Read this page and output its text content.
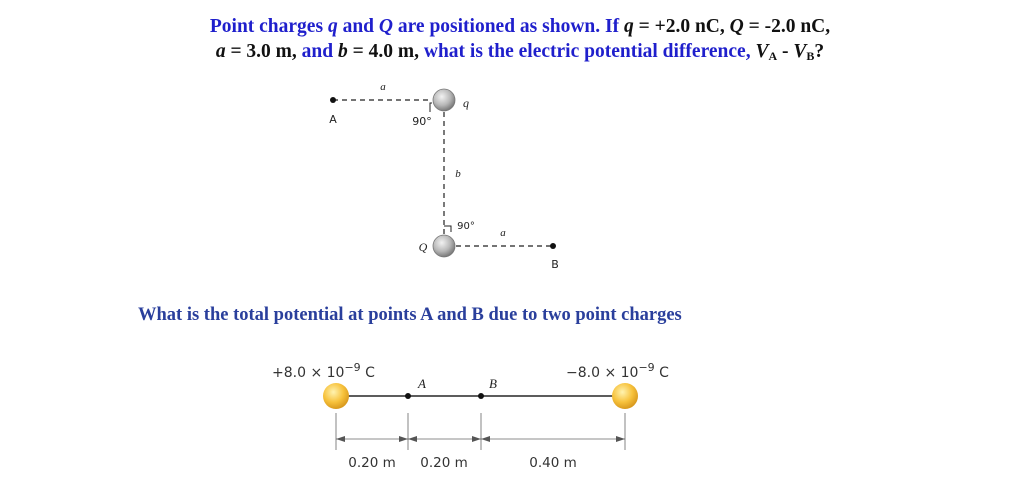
Point charges q and Q are positioned as shown. If q = +2.0 nC, Q = -2.0 nC,
a = 3.0 m, and b = 4.0 m, what is the electric potential difference, $V_A - V_B$?
a
q
A	90°
b
90°
a
Q
B
$+8.0 \times 10^{-9}$ C	$-8.0 \times 10^{-9}$ C
A	B
0.20 m 0.20 m	0.40 m
What is the total potential at points A and B due to two point charges
